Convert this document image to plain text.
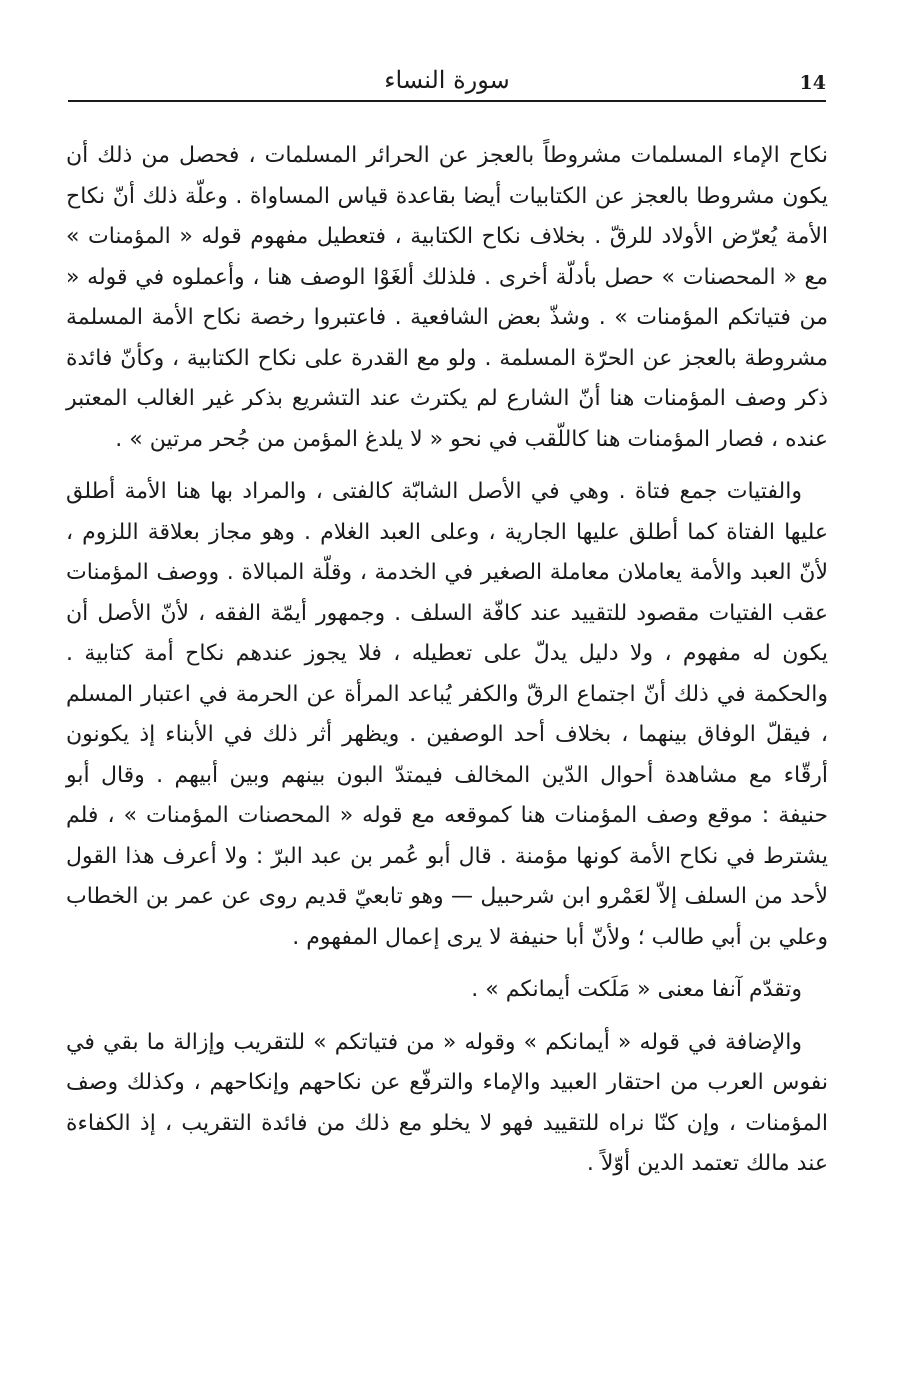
سورة النساء	14

نكاح الإماء المسلمات مشروطاً بالعجز عن الحرائر المسلمات ، فحصل من ذلك أن يكون مشروطا بالعجز عن الكتابيات أيضا بقاعدة قياس المساواة . وعلّة ذلك أنّ نكاح الأمة يُعرّض الأولاد للرقّ . بخلاف نكاح الكتابية ، فتعطيل مفهوم قوله « المؤمنات » مع « المحصنات » حصل بأدلّة أخرى . فلذلك ألغَوْا الوصف هنا ، وأعملوه في قوله « من فتياتكم المؤمنات » . وشذّ بعض الشافعية . فاعتبروا رخصة نكاح الأمة المسلمة مشروطة بالعجز عن الحرّة المسلمة . ولو مع القدرة على نكاح الكتابية ، وكأنّ فائدة ذكر وصف المؤمنات هنا أنّ الشارع لم يكترث عند التشريع بذكر غير الغالب المعتبر عنده ، فصار المؤمنات هنا كاللّقب في نحو « لا يلدغ المؤمن من جُحر مرتين » .

والفتيات جمع فتاة . وهي في الأصل الشابّة كالفتى ، والمراد بها هنا الأمة أطلق عليها الفتاة كما أطلق عليها الجارية ، وعلى العبد الغلام . وهو مجاز بعلاقة اللزوم ، لأنّ العبد والأمة يعاملان معاملة الصغير في الخدمة ، وقلّة المبالاة . ووصف المؤمنات عقب الفتيات مقصود للتقييد عند كافّة السلف . وجمهور أيمّة الفقه ، لأنّ الأصل أن يكون له مفهوم ، ولا دليل يدلّ على تعطيله ، فلا يجوز عندهم نكاح أمة كتابية . والحكمة في ذلك أنّ اجتماع الرقّ والكفر يُباعد المرأة عن الحرمة في اعتبار المسلم ، فيقلّ الوفاق بينهما ، بخلاف أحد الوصفين . ويظهر أثر ذلك في الأبناء إذ يكونون أرقّاء مع مشاهدة أحوال الدّين المخالف فيمتدّ البون بينهم وبين أبيهم . وقال أبو حنيفة : موقع وصف المؤمنات هنا كموقعه مع قوله « المحصنات المؤمنات » ، فلم يشترط في نكاح الأمة كونها مؤمنة . قال أبو عُمر بن عبد البرّ : ولا أعرف هذا القول لأحد من السلف إلاّ لعَمْرو ابن شرحبيل — وهو تابعيّ قديم روى عن عمر بن الخطاب وعلي بن أبي طالب ؛ ولأنّ أبا حنيفة لا يرى إعمال المفهوم .

وتقدّم آنفا معنى « مَلَكت أيمانكم » .

والإضافة في قوله « أيمانكم » وقوله « من فتياتكم » للتقريب وإزالة ما بقي في نفوس العرب من احتقار العبيد والإماء والترفّع عن نكاحهم وإنكاحهم ، وكذلك وصف المؤمنات ، وإن كنّا نراه للتقييد فهو لا يخلو مع ذلك من فائدة التقريب ، إذ الكفاءة عند مالك تعتمد الدين أوّلاً .
